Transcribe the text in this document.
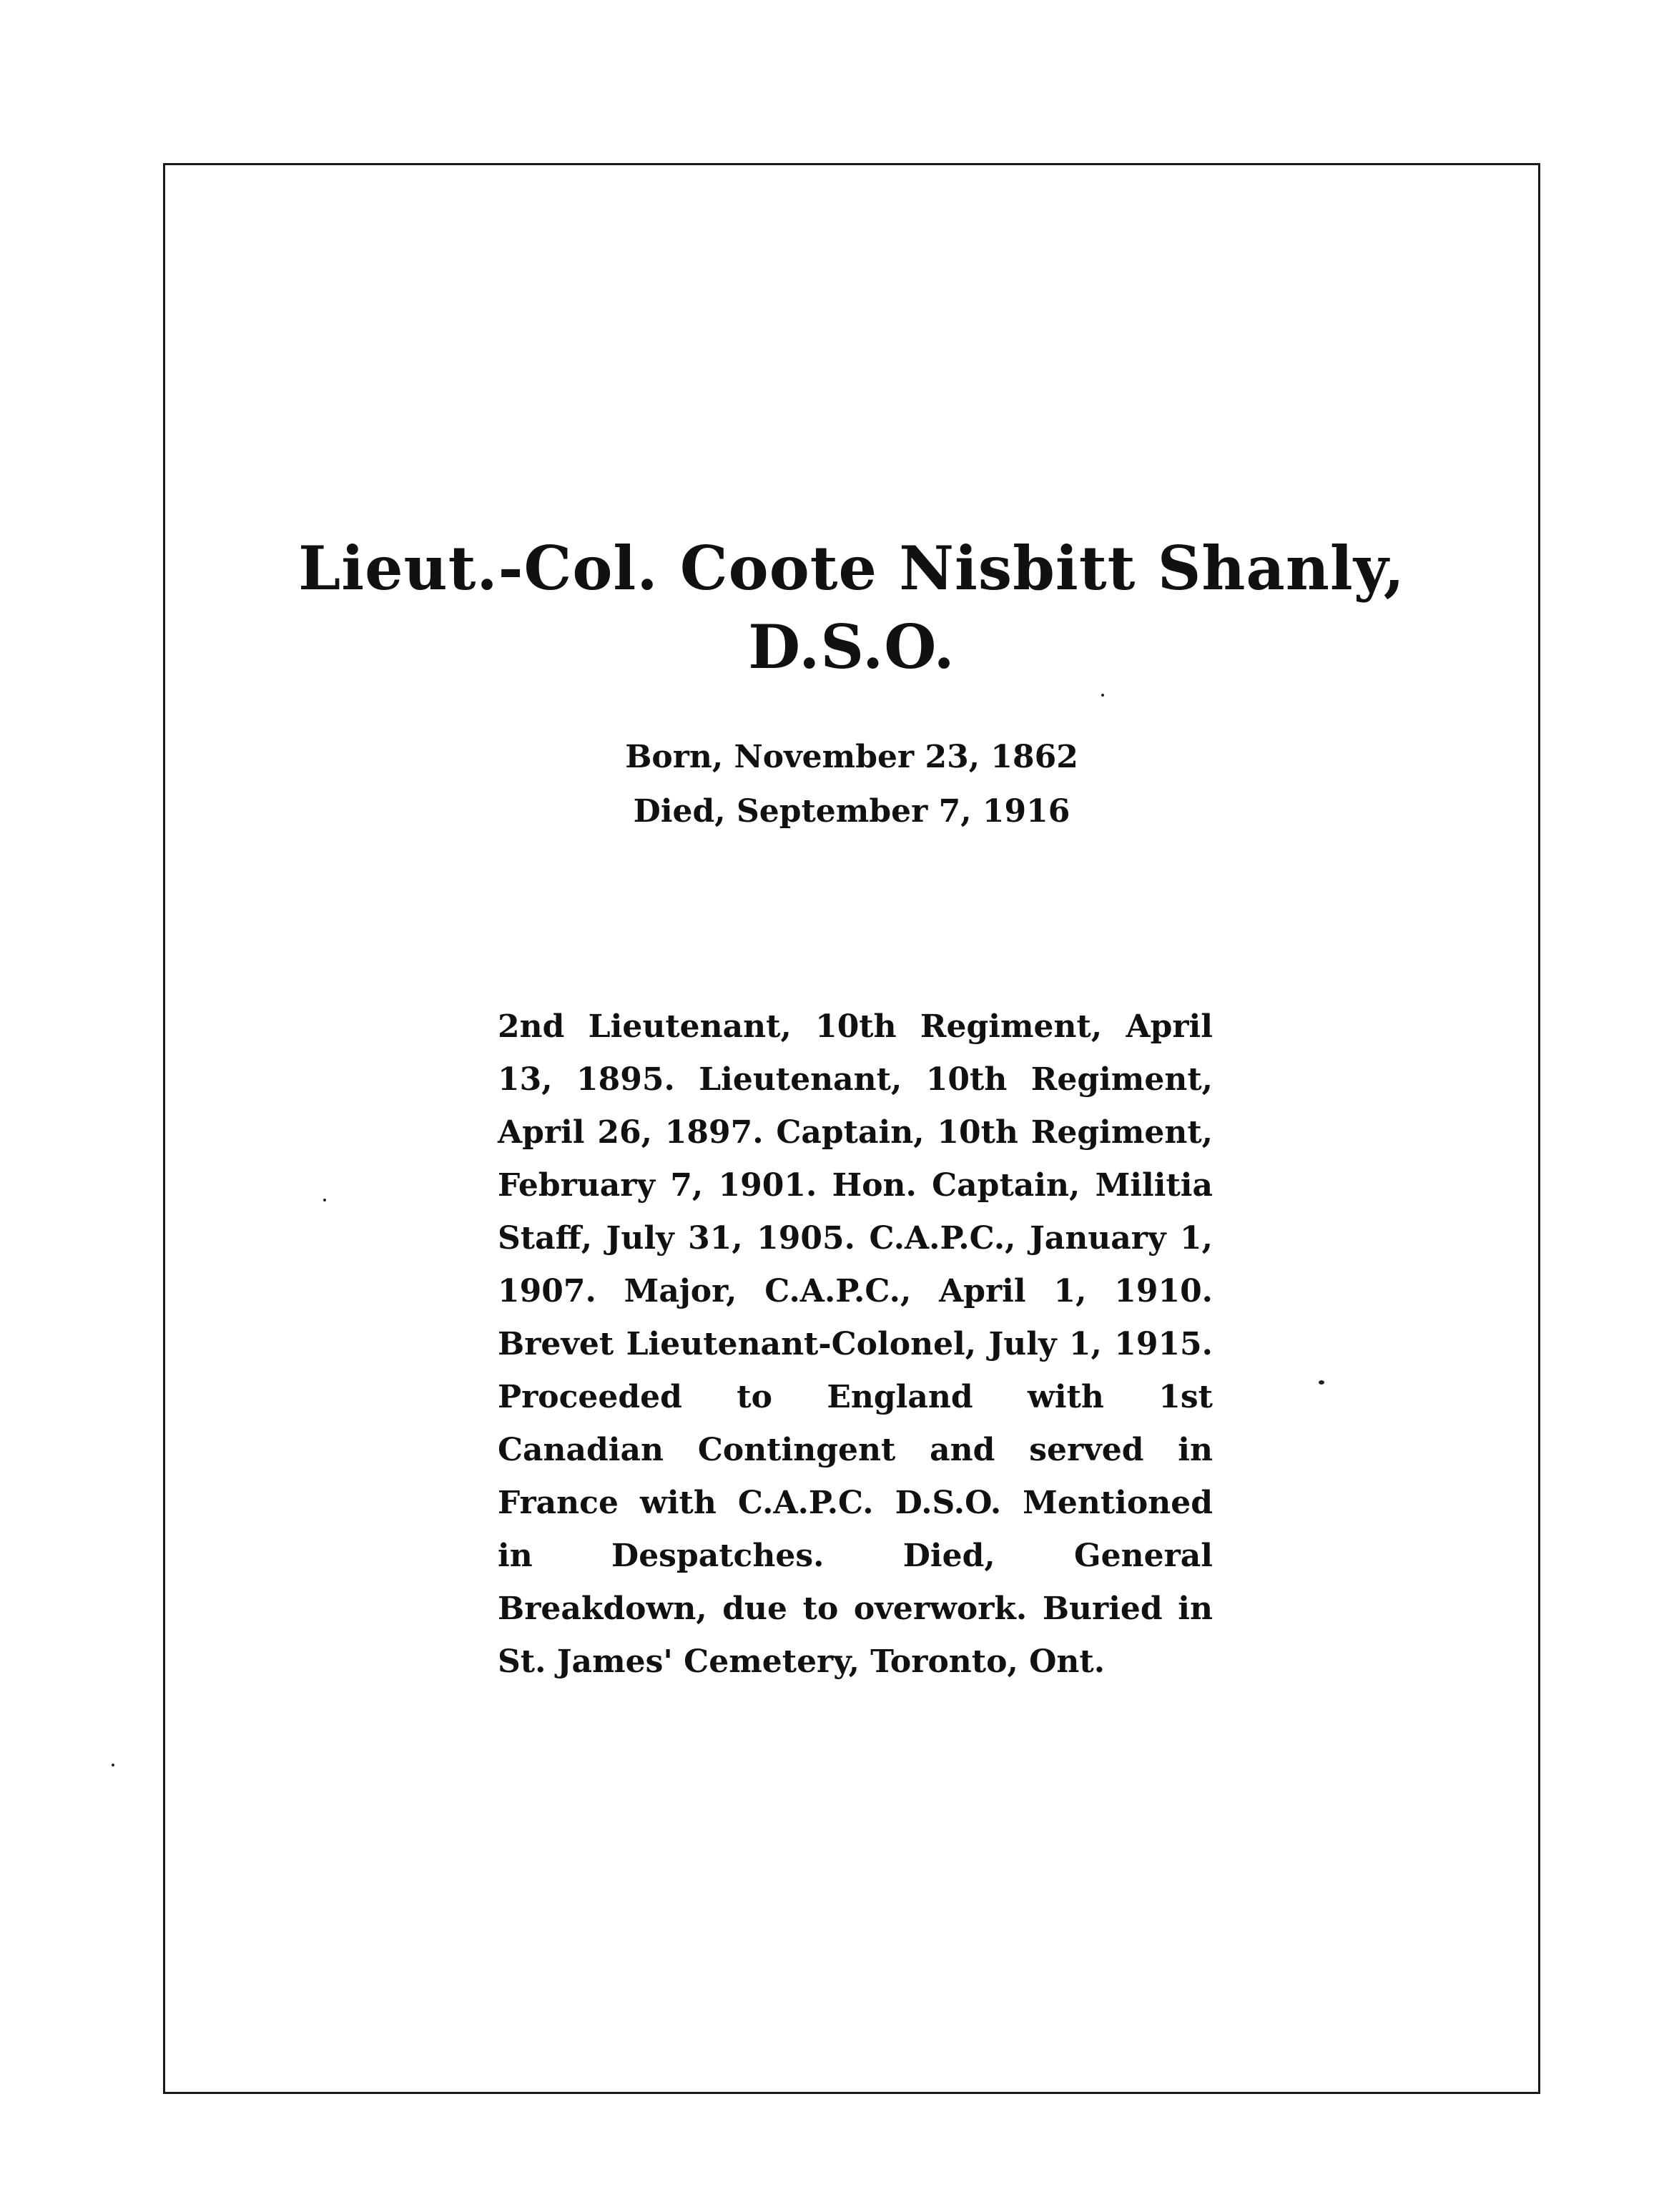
Lieut.-Col. Coote Nisbitt Shanly,
D.S.O.
Born, November 23, 1862
Died, September 7, 1916

2nd Lieutenant, 10th Regiment, April 13, 1895. Lieutenant, 10th Regiment, April 26, 1897. Captain, 10th Regiment, February 7, 1901. Hon. Captain, Militia Staff, July 31, 1905. C.A.P.C., January 1, 1907. Major, C.A.P.C., April 1, 1910. Brevet Lieutenant-Colonel, July 1, 1915. Proceeded to England with 1st Canadian Contingent and served in France with C.A.P.C. D.S.O. Mentioned in Despatches. Died, General Breakdown, due to overwork. Buried in St. James' Cemetery, Toronto, Ont.
